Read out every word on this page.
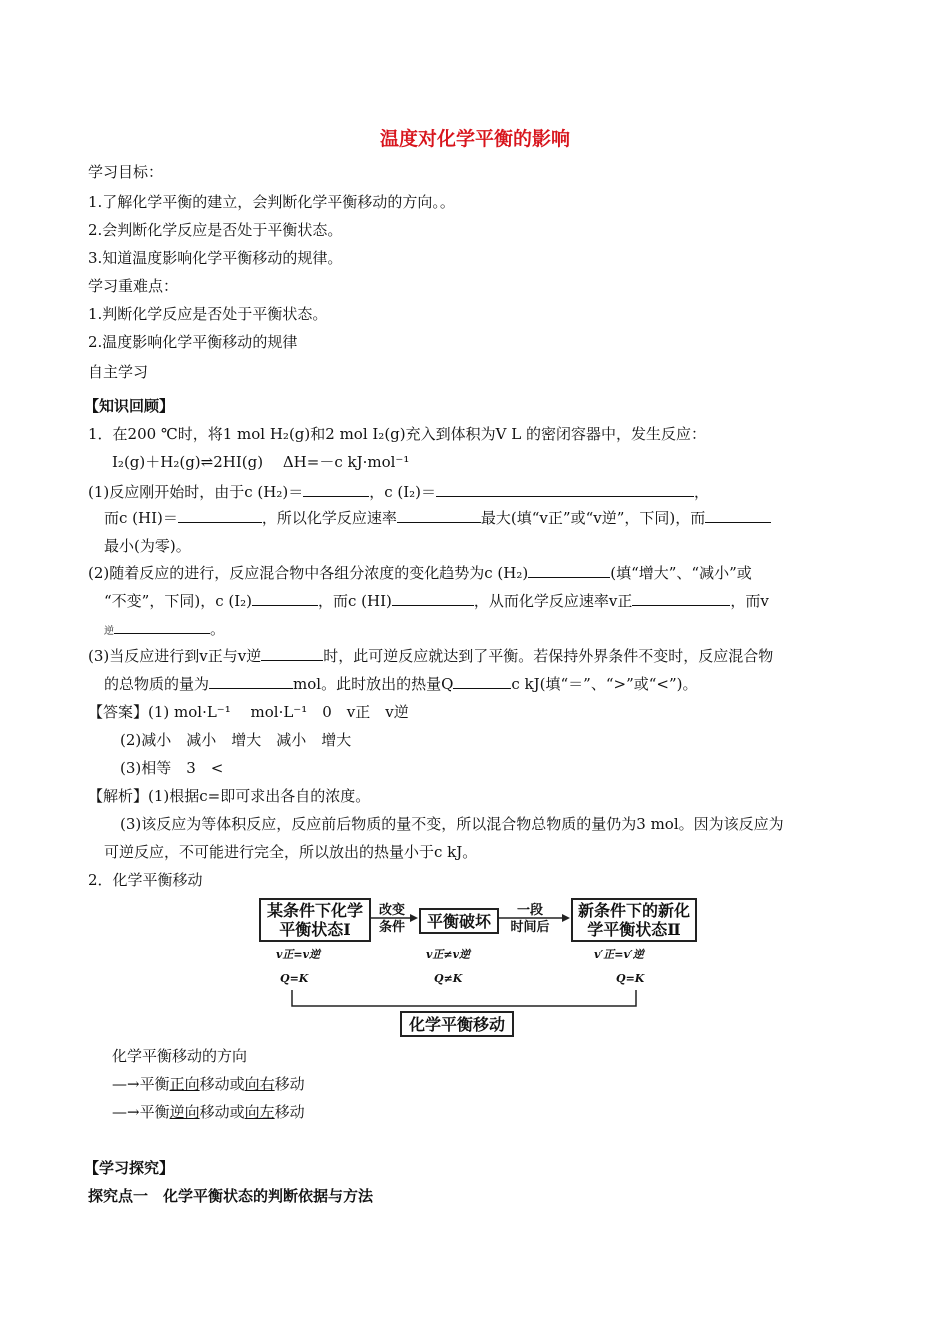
温度对化学平衡的影响
学习目标：
1.了解化学平衡的建立，会判断化学平衡移动的方向。。
2.会判断化学反应是否处于平衡状态。
3.知道温度影响化学平衡移动的规律。
学习重难点：
1.判断化学反应是否处于平衡状态。
2.温度影响化学平衡移动的规律
自主学习
【知识回顾】
1．在200 ℃时，将1 mol H₂(g)和2 mol I₂(g)充入到体积为V L 的密闭容器中，发生反应：
I₂(g)＋H₂(g)⇌2HI(g)　 ΔH=－c kJ·mol⁻¹
(1)反应刚开始时，由于c (H₂)＝	，c (I₂)＝	，
而c (HI)＝	，所以化学反应速率	最大(填“v正”或“v逆”，下同)，而
最小(为零)。
(2)随着反应的进行，反应混合物中各组分浓度的变化趋势为c (H₂)	(填“增大”、“减小”或
“不变”，下同)，c (I₂)	，而c (HI)	，从而化学反应速率v正	，而v
逆	。
(3)当反应进行到v正与v逆	时，此可逆反应就达到了平衡。若保持外界条件不变时，反应混合物
的总物质的量为	mol。此时放出的热量Q	c kJ(填“＝”、“>”或“<”)。
【答案】(1) mol·L⁻¹　 mol·L⁻¹　0　v正　v逆
(2)减小　减小　增大　减小　增大
(3)相等　3　<
【解析】(1)根据c=即可求出各自的浓度。
(3)该反应为等体积反应，反应前后物质的量不变，所以混合物总物质的量仍为3 mol。因为该反应为
可逆反应，不可能进行完全，所以放出的热量小于c kJ。
2．化学平衡移动
某条件下化学
平衡状态Ⅰ
改变
条件	平衡破坏
一段
时间后
新条件下的新化
学平衡状态Ⅱ
v正=v逆
Q=K
v正≠v逆
Q≠K
v′正=v′逆
Q=K
化学平衡移动
化学平衡移动的方向
—→平衡正向移动或向右移动
—→平衡逆向移动或向左移动
【学习探究】
探究点一　化学平衡状态的判断依据与方法
